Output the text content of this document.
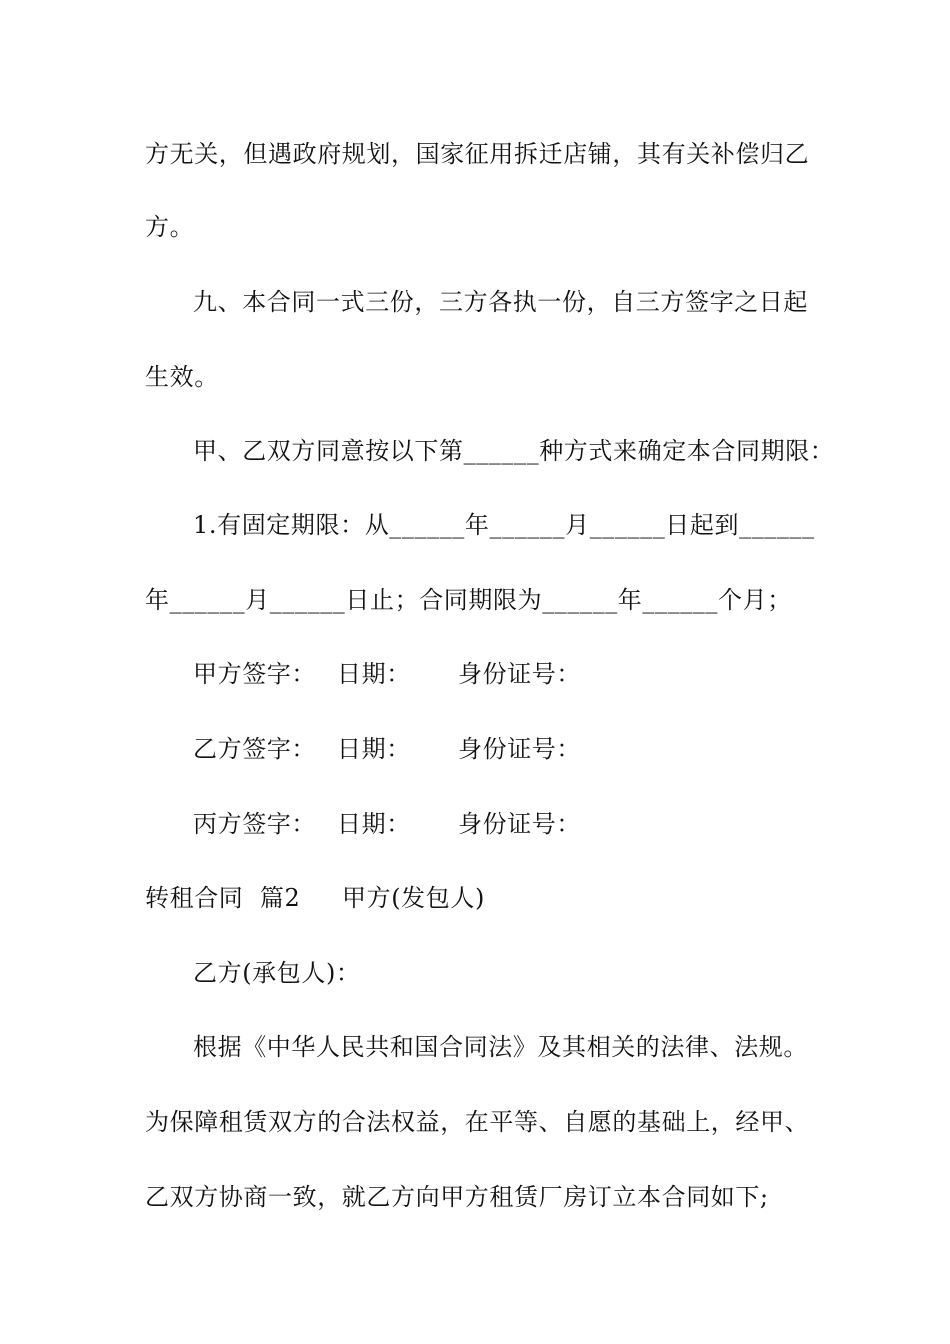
方无关，但遇政府规划，国家征用拆迁店铺，其有关补偿归乙
方。
九、本合同一式三份，三方各执一份，自三方签字之日起
生效。
甲、乙双方同意按以下第______种方式来确定本合同期限：
1.有固定期限：从______年______月______日起到______
年______月______日止；合同期限为______年______个月；
甲方签字： 日期： 身份证号：
乙方签字： 日期： 身份证号：
丙方签字： 日期： 身份证号：
转租合同  篇2 甲方(发包人)
乙方(承包人)：
根据《中华人民共和国合同法》及其相关的法律、法规。
为保障租赁双方的合法权益，在平等、自愿的基础上，经甲、
乙双方协商一致，就乙方向甲方租赁厂房订立本合同如下;
